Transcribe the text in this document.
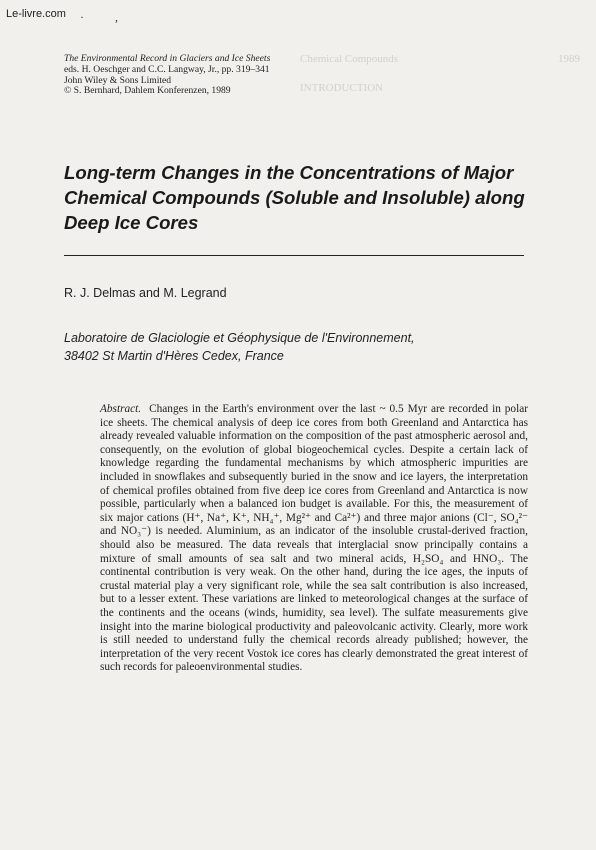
Le-livre.com · ,
Chemical Compounds	1989
INTRODUCTION
The Environmental Record in Glaciers and Ice Sheets
eds. H. Oeschger and C.C. Langway, Jr., pp. 319–341
John Wiley & Sons Limited
© S. Bernhard, Dahlem Konferenzen, 1989
Long-term Changes in the Concentrations of Major Chemical Compounds (Soluble and Insoluble) along Deep Ice Cores
R. J. Delmas and M. Legrand
Laboratoire de Glaciologie et Géophysique de l'Environnement,
38402 St Martin d'Hères Cedex, France
Abstract. Changes in the Earth's environment over the last ~ 0.5 Myr are recorded in polar ice sheets. The chemical analysis of deep ice cores from both Greenland and Antarctica has already revealed valuable information on the composition of the past atmospheric aerosol and, consequently, on the evolution of global biogeochemical cycles. Despite a certain lack of knowledge regarding the fundamental mechanisms by which atmospheric impurities are included in snowflakes and subsequently buried in the snow and ice layers, the interpretation of chemical profiles obtained from five deep ice cores from Greenland and Antarctica is now possible, particularly when a balanced ion budget is available. For this, the measurement of six major cations (H⁺, Na⁺, K⁺, NH₄⁺, Mg²⁺ and Ca²⁺) and three major anions (Cl⁻, SO₄²⁻ and NO₃⁻) is needed. Aluminium, as an indicator of the insoluble crustal-derived fraction, should also be measured. The data reveals that interglacial snow principally contains a mixture of small amounts of sea salt and two mineral acids, H₂SO₄ and HNO₃. The continental contribution is very weak. On the other hand, during the ice ages, the inputs of crustal material play a very significant role, while the sea salt contribution is also increased, but to a lesser extent. These variations are linked to meteorological changes at the surface of the continents and the oceans (winds, humidity, sea level). The sulfate measurements give insight into the marine biological productivity and paleovolcanic activity. Clearly, more work is still needed to understand fully the chemical records already published; however, the interpretation of the very recent Vostok ice cores has clearly demonstrated the great interest of such records for paleoenvironmental studies.
